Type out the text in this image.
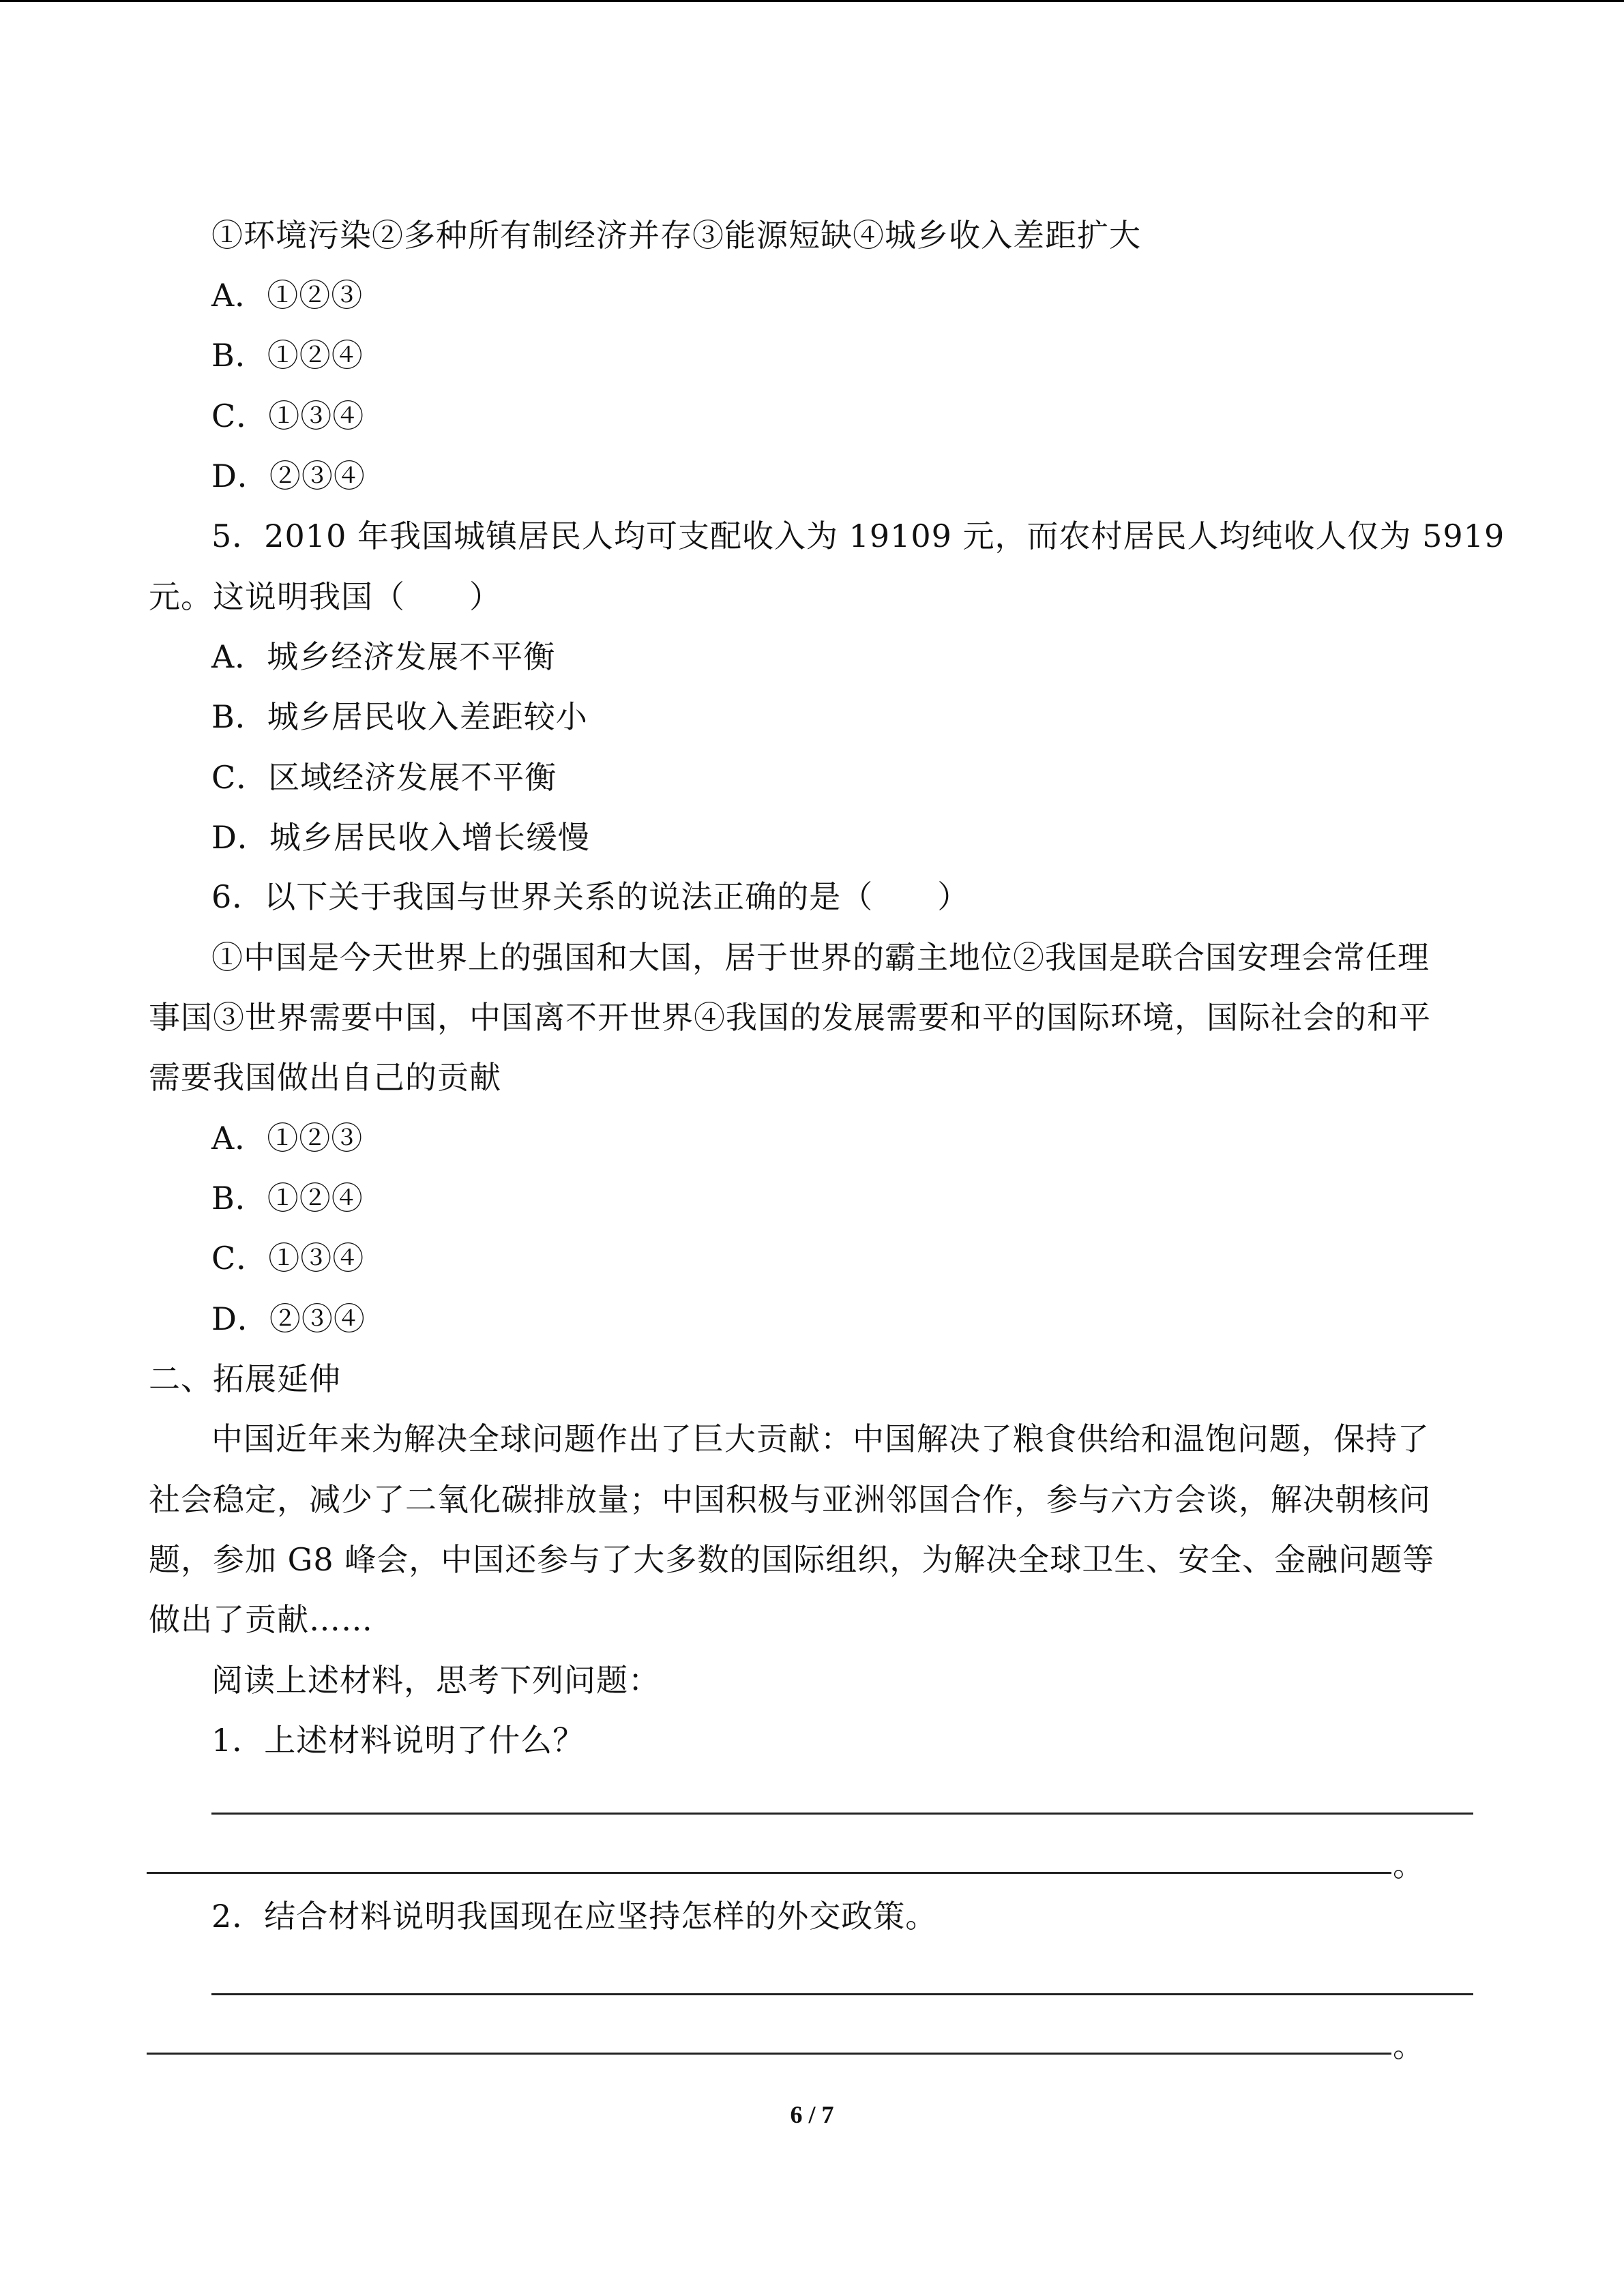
①环境污染②多种所有制经济并存③能源短缺④城乡收入差距扩大
A．①②③
B．①②④
C．①③④
D．②③④
5．2010 年我国城镇居民人均可支配收入为 19109 元，而农村居民人均纯收人仅为 5919
元。这说明我国（　　）
A．城乡经济发展不平衡
B．城乡居民收入差距较小
C．区域经济发展不平衡
D．城乡居民收入增长缓慢
6．以下关于我国与世界关系的说法正确的是（　　）
①中国是今天世界上的强国和大国，居于世界的霸主地位②我国是联合国安理会常任理
事国③世界需要中国，中国离不开世界④我国的发展需要和平的国际环境，国际社会的和平
需要我国做出自己的贡献
A．①②③
B．①②④
C．①③④
D．②③④
二、拓展延伸
中国近年来为解决全球问题作出了巨大贡献：中国解决了粮食供给和温饱问题，保持了
社会稳定，减少了二氧化碳排放量；中国积极与亚洲邻国合作，参与六方会谈，解决朝核问
题，参加 G8 峰会，中国还参与了大多数的国际组织，为解决全球卫生、安全、金融问题等
做出了贡献……
阅读上述材料，思考下列问题：
1．上述材料说明了什么？
。
2．结合材料说明我国现在应坚持怎样的外交政策。
。
6 / 7
